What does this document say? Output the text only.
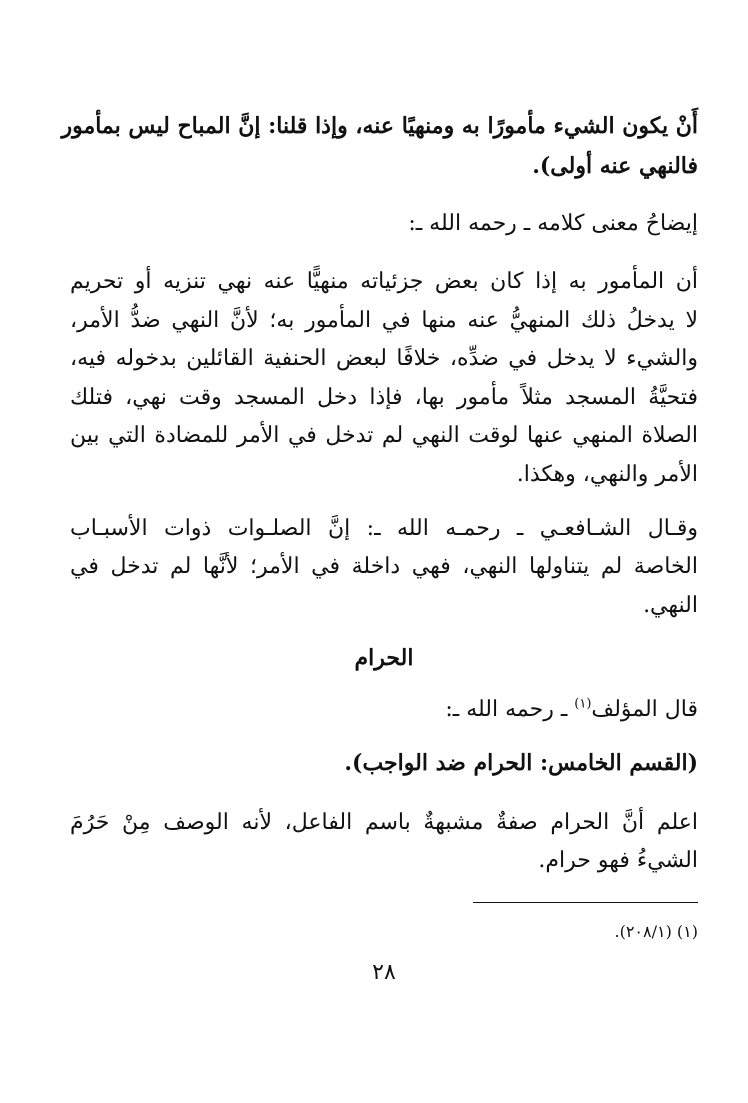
أَنْ يكون الشيء مأمورًا به ومنهيًا عنه، وإذا قلنا: إنَّ المباح ليس بمأمور
فالنهي عنه أولى).
إيضاحُ معنى كلامه ـ رحمه الله ـ:
أن المأمور به إذا كان بعض جزئياته منهيًّا عنه نهي تنزيه أو تحريم
لا يدخلُ ذلك المنهيُّ عنه منها في المأمور به؛ لأنَّ النهي ضدُّ الأمر،
والشيء لا يدخل في ضدِّه، خلافًا لبعض الحنفية القائلين بدخوله فيه،
فتحيَّةُ المسجد مثلاً مأمور بها، فإذا دخل المسجد وقت نهي، فتلك
الصلاة المنهي عنها لوقت النهي لم تدخل في الأمر للمضادة التي بين
الأمر والنهي، وهكذا.
وقـال الشـافعـي ـ رحمـه الله ـ: إنَّ الصلـوات ذوات الأسبـاب
الخاصة لم يتناولها النهي، فهي داخلة في الأمر؛ لأنَّها لم تدخل في
النهي.
الحرام
قال المؤلف$^{(١)}$ ـ رحمه الله ـ:
(القسم الخامس: الحرام ضد الواجب).
اعلم أنَّ الحرام صفةٌ مشبهةٌ باسم الفاعل، لأنه الوصف مِنْ حَرُمَ
الشيءُ فهو حرام.
(١) (٢٠٨/١).
٢٨
